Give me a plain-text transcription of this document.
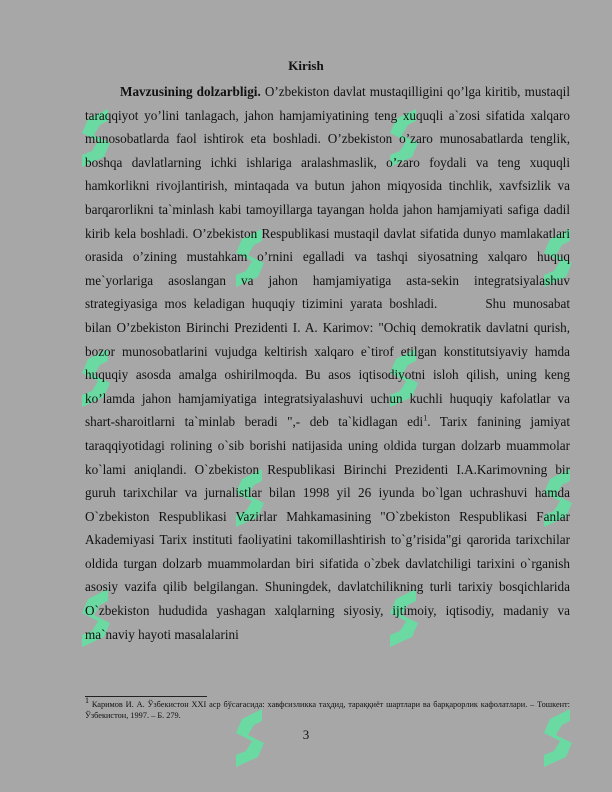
Kirish

Mavzusining dolzarbligi. O’zbekiston davlat mustaqilligini qo’lga kiritib, mustaqil taraqqiyot yo’lini tanlagach, jahon hamjamiyatining teng xuquqli a`zosi sifatida xalqaro munosobatlarda faol ishtirok eta boshladi. O’zbekiston o’zaro munosabatlarda tenglik, boshqa davlatlarning ichki ishlariga aralashmaslik, o’zaro foydali va teng xuquqli hamkorlikni rivojlantirish, mintaqada va butun jahon miqyosida tinchlik, xavfsizlik va barqarorlikni ta`minlash kabi tamoyillarga tayangan holda jahon hamjamiyati safiga dadil kirib kela boshladi. O’zbekiston Respublikasi mustaqil davlat sifatida dunyo mamlakatlari orasida o’zining mustahkam o’rnini egalladi va tashqi siyosatning xalqaro huquq me`yorlariga asoslangan va jahon hamjamiyatiga asta-sekin integratsiyalashuv strategiyasiga mos keladigan huquqiy tizimini yarata boshladi.	Shu munosabat bilan O’zbekiston Birinchi Prezidenti I. A. Karimov: "Ochiq demokratik davlatni qurish, bozor munosobatlarini vujudga keltirish xalqaro e`tirof etilgan konstitutsiyaviy hamda huquqiy asosda amalga oshirilmoqda. Bu asos iqtisodiyotni isloh qilish, uning keng ko’lamda jahon hamjamiyatiga integratsiyalashuvi uchun kuchli huquqiy kafolatlar va shart-sharoitlarni ta`minlab beradi ",- deb ta`kidlagan edi$^1$. Tarix fanining jamiyat taraqqiyotidagi rolining o`sib borishi natijasida uning oldida turgan dolzarb muammolar ko`lami aniqlandi. O`zbekiston Respublikasi Birinchi Prezidenti I.A.Karimovning bir guruh tarixchilar va jurnalistlar bilan 1998 yil 26 iyunda bo`lgan uchrashuvi hamda O`zbekiston Respublikasi Vazirlar Mahkamasining "O`zbekiston Respublikasi Fanlar Akademiyasi Tarix instituti faoliyatini takomillashtirish to`g’risida"gi qarorida tarixchilar oldida turgan dolzarb muammolardan biri sifatida o`zbek davlatchiligi tarixini o`rganish asosiy vazifa qilib belgilangan. Shuningdek, davlatchilikning turli tarixiy bosqichlarida O`zbekiston hududida yashagan xalqlarning siyosiy, ijtimoiy, iqtisodiy, madaniy va ma`naviy hayoti masalalarini

$^1$ Каримов И. А. Ўзбекистон XXI аср бўсағасида: хавфсизликка таҳдид, тараққиёт шартлари ва барқарорлик кафолатлари. – Тошкент: Ўзбекистон, 1997. – Б. 279.

3
